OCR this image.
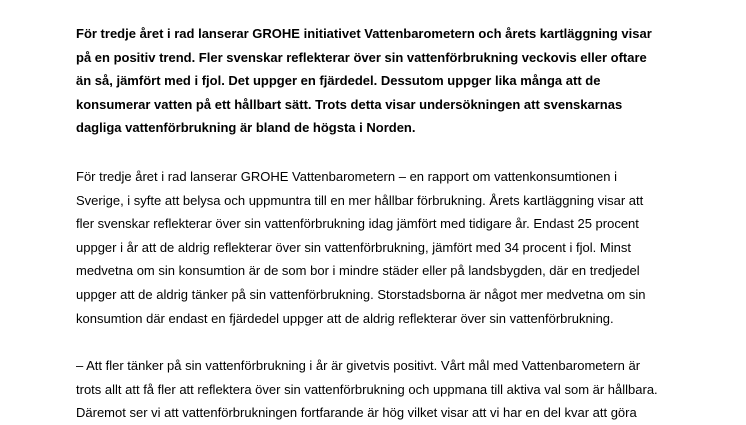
För tredje året i rad lanserar GROHE initiativet Vattenbarometern och årets kartläggning visar
på en positiv trend. Fler svenskar reflekterar över sin vattenförbrukning veckovis eller oftare
än så, jämfört med i fjol. Det uppger en fjärdedel. Dessutom uppger lika många att de
konsumerar vatten på ett hållbart sätt. Trots detta visar undersökningen att svenskarnas
dagliga vattenförbrukning är bland de högsta i Norden.

För tredje året i rad lanserar GROHE Vattenbarometern – en rapport om vattenkonsumtionen i
Sverige, i syfte att belysa och uppmuntra till en mer hållbar förbrukning. Årets kartläggning visar att
fler svenskar reflekterar över sin vattenförbrukning idag jämfört med tidigare år. Endast 25 procent
uppger i år att de aldrig reflekterar över sin vattenförbrukning, jämfört med 34 procent i fjol. Minst
medvetna om sin konsumtion är de som bor i mindre städer eller på landsbygden, där en tredjedel
uppger att de aldrig tänker på sin vattenförbrukning. Storstadsborna är något mer medvetna om sin
konsumtion där endast en fjärdedel uppger att de aldrig reflekterar över sin vattenförbrukning.

– Att fler tänker på sin vattenförbrukning i år är givetvis positivt. Vårt mål med Vattenbarometern är
trots allt att få fler att reflektera över sin vattenförbrukning och uppmana till aktiva val som är hållbara.
Däremot ser vi att vattenförbrukningen fortfarande är hög vilket visar att vi har en del kvar att göra
